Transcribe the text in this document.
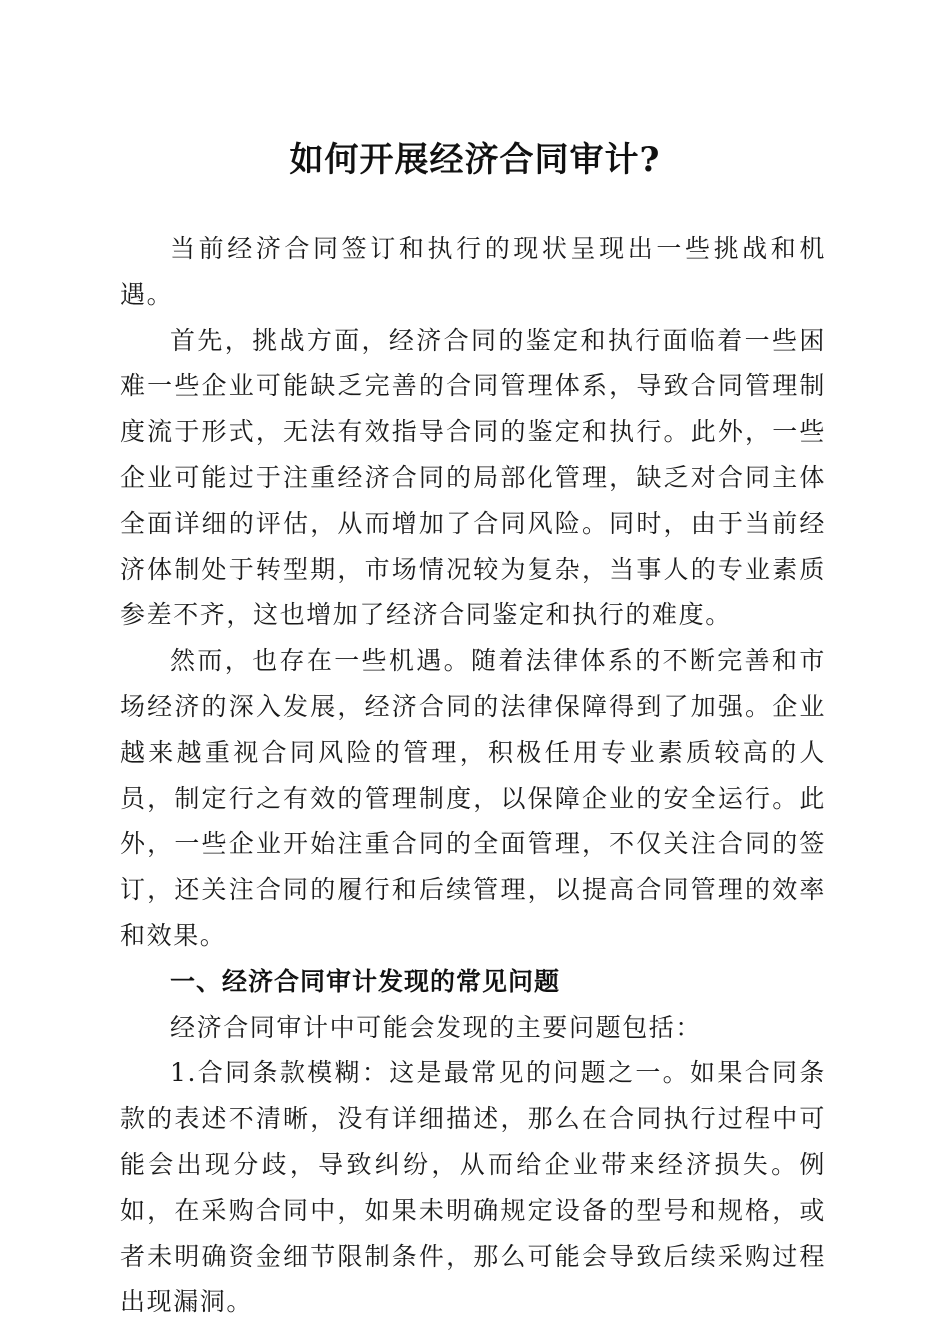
如何开展经济合同审计?

当前经济合同签订和执行的现状呈现出一些挑战和机遇。

首先，挑战方面，经济合同的鉴定和执行面临着一些困难一些企业可能缺乏完善的合同管理体系，导致合同管理制度流于形式，无法有效指导合同的鉴定和执行。此外，一些企业可能过于注重经济合同的局部化管理，缺乏对合同主体全面详细的评估，从而增加了合同风险。同时，由于当前经济体制处于转型期，市场情况较为复杂，当事人的专业素质参差不齐，这也增加了经济合同鉴定和执行的难度。

然而，也存在一些机遇。随着法律体系的不断完善和市场经济的深入发展，经济合同的法律保障得到了加强。企业越来越重视合同风险的管理，积极任用专业素质较高的人员，制定行之有效的管理制度，以保障企业的安全运行。此外，一些企业开始注重合同的全面管理，不仅关注合同的签订，还关注合同的履行和后续管理，以提高合同管理的效率和效果。

一、经济合同审计发现的常见问题

经济合同审计中可能会发现的主要问题包括：

1.合同条款模糊：这是最常见的问题之一。如果合同条款的表述不清晰，没有详细描述，那么在合同执行过程中可能会出现分歧，导致纠纷，从而给企业带来经济损失。例如，在采购合同中，如果未明确规定设备的型号和规格，或者未明确资金细节限制条件，那么可能会导致后续采购过程出现漏洞。
